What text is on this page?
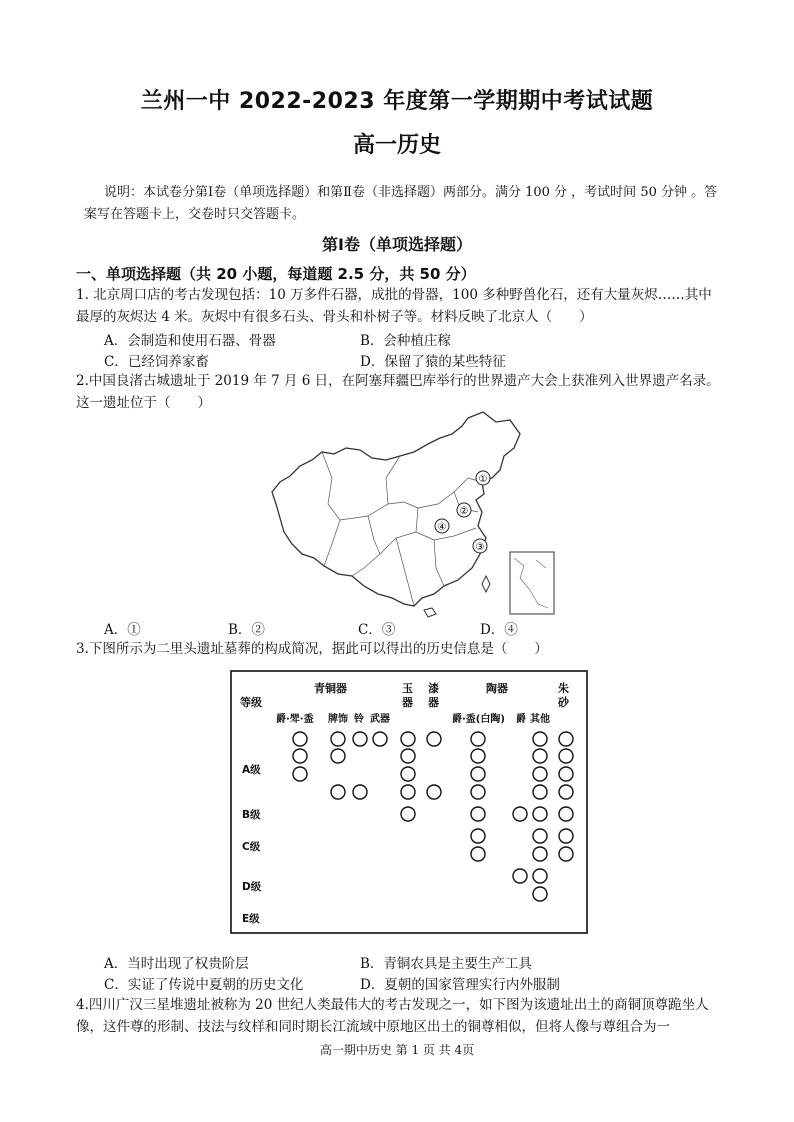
兰州一中 2022-2023 年度第一学期期中考试试题
高一历史
说明：本试卷分第Ⅰ卷（单项选择题）和第Ⅱ卷（非选择题）两部分。满分 100 分 ，考试时间 50 分钟 。答案写在答题卡上，交卷时只交答题卡。
第Ⅰ卷（单项选择题）
一、单项选择题（共 20 小题，每道题 2.5 分，共 50 分）
1. 北京周口店的考古发现包括：10 万多件石器，成批的骨器，100 多种野兽化石，还有大量灰烬……其中最厚的灰烬达 4 米。灰烬中有很多石头、骨头和朴树子等。材料反映了北京人（　　）
A．会制造和使用石器、骨器	B．会种植庄稼
C．已经饲养家畜	D．保留了猿的某些特征
2.中国良渚古城遗址于 2019 年 7 月 6 日，在阿塞拜疆巴库举行的世界遗产大会上获准列入世界遗产名录。这一遗址位于（　　）
①
②
③
④
A．①	B．②	C．③	D．④
3.下图所示为二里头遗址墓葬的构成简况，据此可以得出的历史信息是（　　）
等级
青铜器	玉
器
漆
器
陶器	朱
砂
爵·斝·盉 牌饰 铃 武器	爵·盉(白陶) 爵 其他
A级
B级
C级
D级
E级
A．当时出现了权贵阶层	B．青铜农具是主要生产工具
C．实证了传说中夏朝的历史文化	D．夏朝的国家管理实行内外服制
4.四川广汉三星堆遗址被称为 20 世纪人类最伟大的考古发现之一，如下图为该遗址出土的商铜顶尊跪坐人像，这件尊的形制、技法与纹样和同时期长江流域中原地区出土的铜尊相似，但将人像与尊组合为一
高一期中历史 第 1 页 共 4页
